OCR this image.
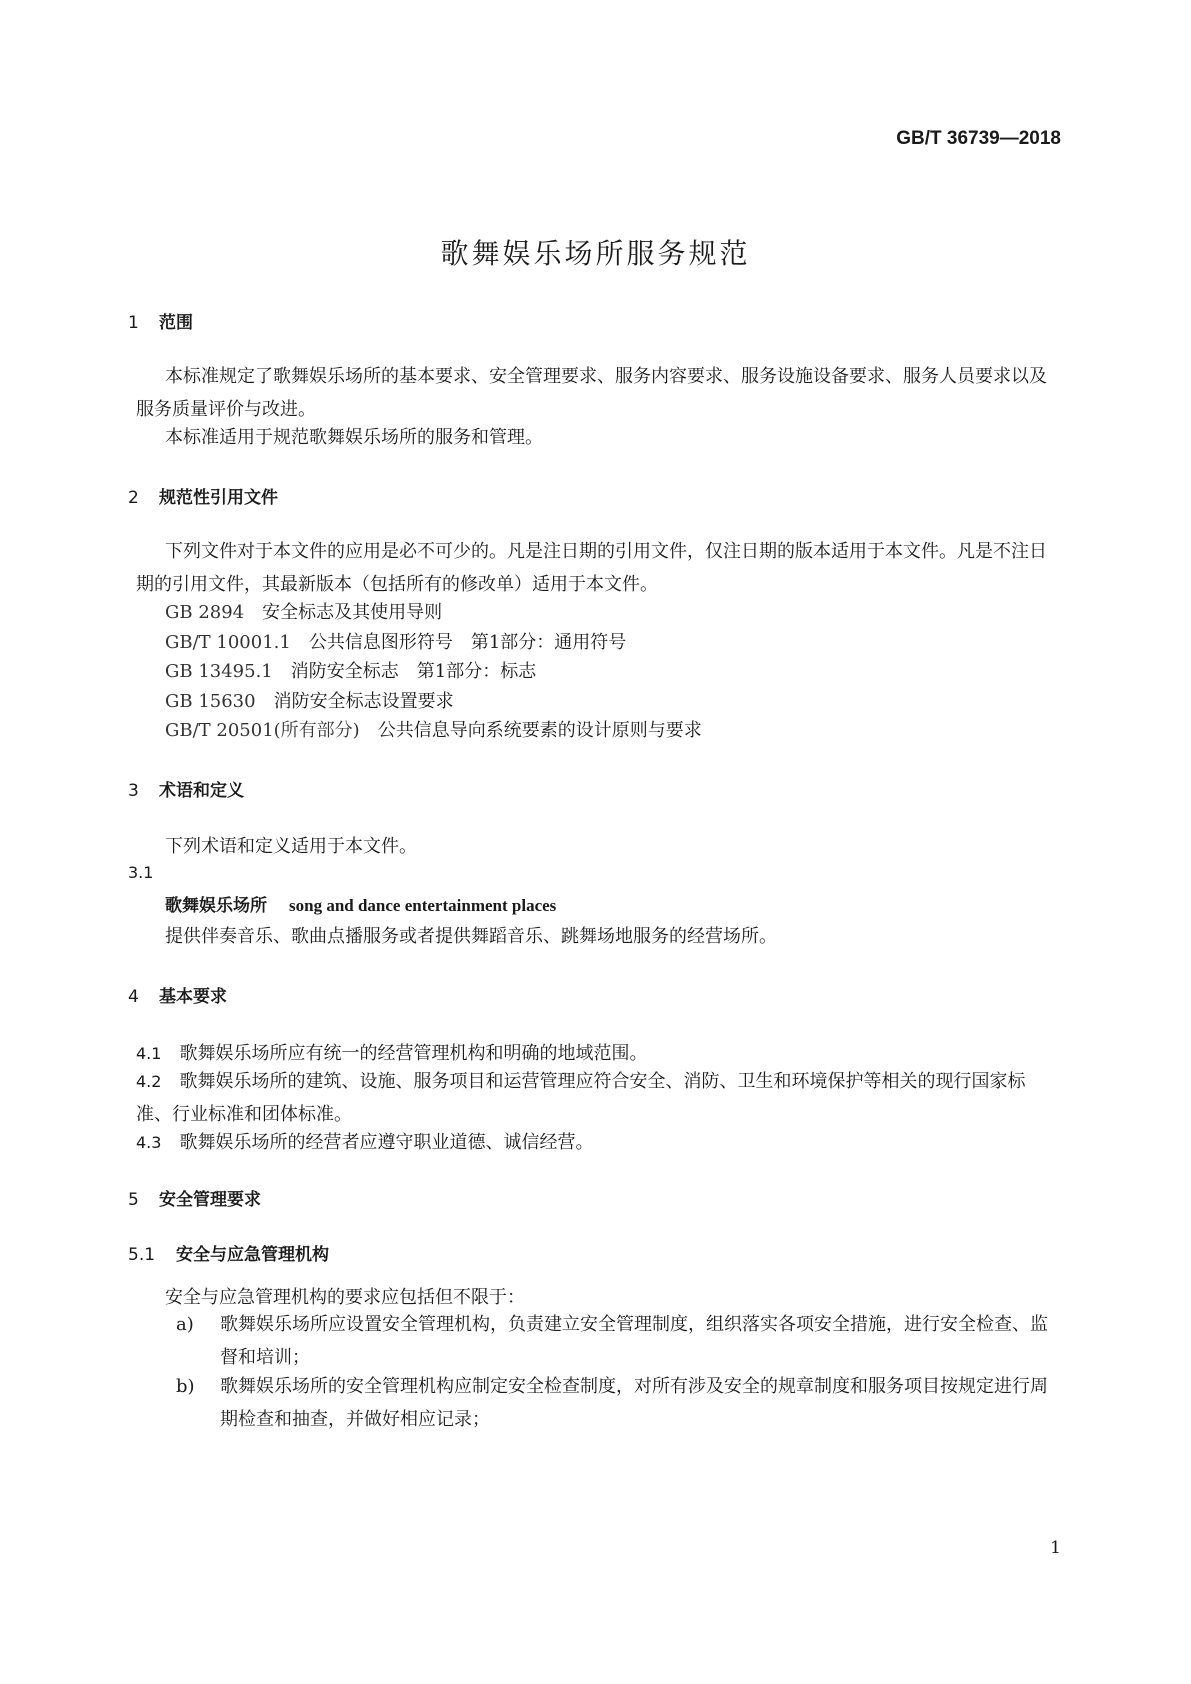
GB/T 36739—2018
歌舞娱乐场所服务规范
1 范围
本标准规定了歌舞娱乐场所的基本要求、安全管理要求、服务内容要求、服务设施设备要求、服务人员要求以及服务质量评价与改进。
本标准适用于规范歌舞娱乐场所的服务和管理。
2 规范性引用文件
下列文件对于本文件的应用是必不可少的。凡是注日期的引用文件，仅注日期的版本适用于本文件。凡是不注日期的引用文件，其最新版本（包括所有的修改单）适用于本文件。
GB 2894 安全标志及其使用导则
GB/T 10001.1 公共信息图形符号　第1部分：通用符号
GB 13495.1 消防安全标志　第1部分：标志
GB 15630 消防安全标志设置要求
GB/T 20501(所有部分) 公共信息导向系统要素的设计原则与要求
3 术语和定义
下列术语和定义适用于本文件。
3.1
歌舞娱乐场所 song and dance entertainment places
提供伴奏音乐、歌曲点播服务或者提供舞蹈音乐、跳舞场地服务的经营场所。
4 基本要求
4.1 歌舞娱乐场所应有统一的经营管理机构和明确的地域范围。
4.2 歌舞娱乐场所的建筑、设施、服务项目和运营管理应符合安全、消防、卫生和环境保护等相关的现行国家标准、行业标准和团体标准。
4.3 歌舞娱乐场所的经营者应遵守职业道德、诚信经营。
5 安全管理要求
5.1 安全与应急管理机构
安全与应急管理机构的要求应包括但不限于：
a) 歌舞娱乐场所应设置安全管理机构，负责建立安全管理制度，组织落实各项安全措施，进行安全检查、监督和培训；
b) 歌舞娱乐场所的安全管理机构应制定安全检查制度，对所有涉及安全的规章制度和服务项目按规定进行周期检查和抽查，并做好相应记录；
1
